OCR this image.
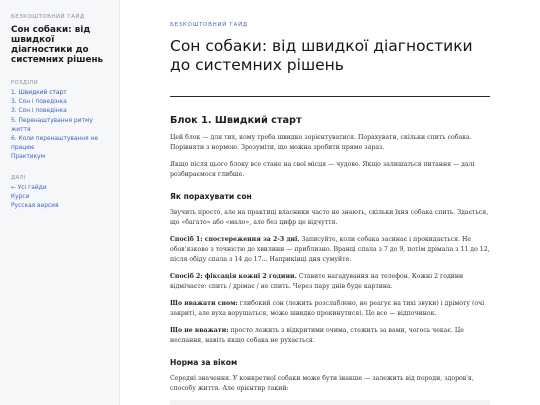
БЕЗКОШТОВНИЙ ГАЙД
Сон собаки: від швидкої діагностики до системних рішень
РОЗДІЛИ
1. Швидкий старт
3. Сон і поведінка
3. Сон і поведінка
5. Перенаштування ритму життя
6. Коли перенаштування не працює
Практикум
ДАЛІ
← Усі гайди
Курси
Русская версия
БЕЗКОШТОВНИЙ ГАЙД
Сон собаки: від швидкої діагностики до системних рішень
Блок 1. Швидкий старт

Цей блок — для тих, кому треба швидко зорієнтуватися. Порахувати, скільки спить собака. Порівняти з нормою. Зрозуміти, що можна зробити прямо зараз.

Якщо після цього блоку все стане на свої місця — чудово. Якщо залишаться питання — далі розбираємося глибше.

Як порахувати сон

Звучить просто, але на практиці власники часто не знають, скільки їхня собака спить. Здається, що «багато» або «мало», але без цифр це відчуття.

Спосіб 1: спостереження за 2-3 дні. Записуйте, коли собака засинає і прокидається. Не обов'язково з точністю до хвилини — приблизно. Вранці спала з 7 до 9, потім дрімала з 11 до 12, після обіду спала з 14 до 17... Наприкінці дня сумуйте.

Спосіб 2: фіксація кожні 2 години. Ставите нагадування на телефон. Кожні 2 години відмічаєте: спить / дрімає / не спить. Через пару днів буде картина.

Що вважати сном: глибокий сон (лежить розслаблено, не реагує на тихі звуки) і дрімоту (очі закриті, але вуха ворушаться, може швидко прокинутися). Це все — відпочинок.

Що не вважати: просто лежить з відкритими очима, стежить за вами, чогось чекає. Це неспання, навіть якщо собака не рухається.

Норма за віком

Середні значення. У конкретної собаки може бути інакше — залежить від породи, здоров'я, способу життя. Але орієнтир такий:
